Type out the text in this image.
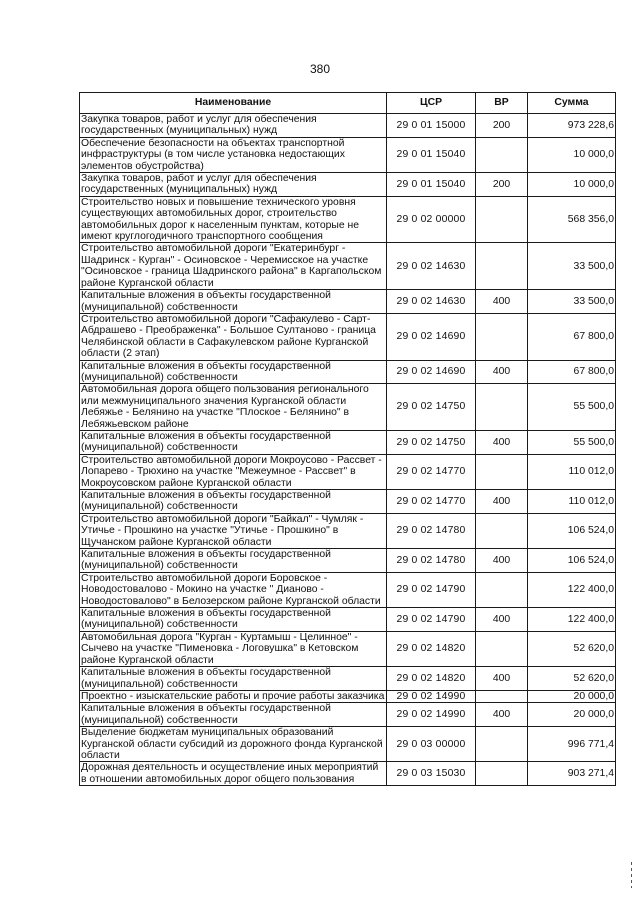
380
Наименование	ЦСР	ВР	Сумма
Закупка товаров, работ и услуг для обеспечения государственных (муниципальных) нужд	29 0 01 15000	200	973 228,6
Обеспечение безопасности на объектах транспортной инфраструктуры (в том числе установка недостающих элементов обустройства)	29 0 01 15040		10 000,0
Закупка товаров, работ и услуг для обеспечения государственных (муниципальных) нужд	29 0 01 15040	200	10 000,0
Строительство новых и повышение технического уровня существующих автомобильных дорог, строительство автомобильных дорог к населенным пунктам, которые не имеют круглогодичного транспортного сообщения	29 0 02 00000		568 356,0
Строительство автомобильной дороги "Екатеринбург - Шадринск - Курган" - Осиновское - Черемисское на участке "Осиновское - граница Шадринского района" в Каргапольском районе Курганской области	29 0 02 14630		33 500,0
Капитальные вложения в объекты государственной (муниципальной) собственности	29 0 02 14630	400	33 500,0
Строительство автомобильной дороги "Сафакулево - Сарт-Абдрашево - Преображенка" - Большое Султаново - граница Челябинской области в Сафакулевском районе Курганской области (2 этап)	29 0 02 14690		67 800,0
Капитальные вложения в объекты государственной (муниципальной) собственности	29 0 02 14690	400	67 800,0
Автомобильная дорога общего пользования регионального или межмуниципального значения Курганской области Лебяжье - Белянино на участке "Плоское - Белянино" в Лебяжьевском районе	29 0 02 14750		55 500,0
Капитальные вложения в объекты государственной (муниципальной) собственности	29 0 02 14750	400	55 500,0
Строительство автомобильной дороги Мокроусово - Рассвет - Лопарево - Трюхино на участке "Межеумное - Рассвет" в Мокроусовском районе Курганской области	29 0 02 14770		110 012,0
Капитальные вложения в объекты государственной (муниципальной) собственности	29 0 02 14770	400	110 012,0
Строительство автомобильной дороги "Байкал" - Чумляк - Утичье - Прошкино на участке "Утичье - Прошкино" в Щучанском районе Курганской области	29 0 02 14780		106 524,0
Капитальные вложения в объекты государственной (муниципальной) собственности	29 0 02 14780	400	106 524,0
Строительство автомобильной дороги Боровское - Новодостовалово - Мокино на участке " Дианово - Новодостовалово" в Белозерском районе Курганской области	29 0 02 14790		122 400,0
Капитальные вложения в объекты государственной (муниципальной) собственности	29 0 02 14790	400	122 400,0
Автомобильная дорога "Курган - Куртамыш - Целинное" - Сычево на участке "Пименовка - Логовушка" в Кетовском районе Курганской области	29 0 02 14820		52 620,0
Капитальные вложения в объекты государственной (муниципальной) собственности	29 0 02 14820	400	52 620,0
Проектно - изыскательские работы и прочие работы заказчика	29 0 02 14990		20 000,0
Капитальные вложения в объекты государственной (муниципальной) собственности	29 0 02 14990	400	20 000,0
Выделение бюджетам муниципальных образований Курганской области субсидий из дорожного фонда Курганской области	29 0 03 00000		996 771,4
Дорожная деятельность и осуществление иных мероприятий в отношении автомобильных дорог общего пользования	29 0 03 15030		903 271,4
